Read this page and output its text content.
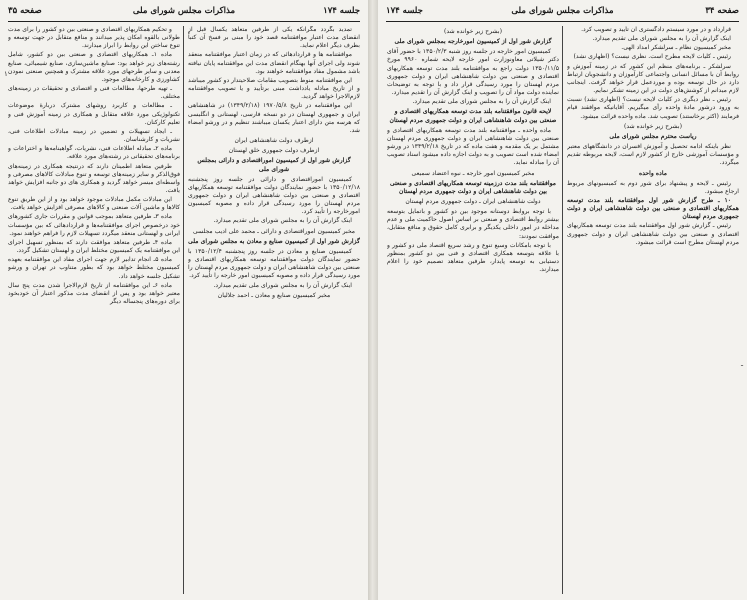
جلسه ۱۷۴
مذاکرات مجلس شورای ملی
صفحه ۳۵

تمدید بگردد مگرآنکه یکی از طرفین متعاهد یکسال قبل از انقضای مدت اعتبار موافقتنامه قصد خود را مبنی بر فسخ آن کتباً بطرف دیگر اعلام نماید.

موافقتنامه ها و قراردادهائی که در زمان اعتبار موافقتنامه منعقد شوند ولی اجرای آنها بهنگام انقضای مدت این موافقتنامه پایان نیافته باشد مشمول مفاد موافقتنامه خواهند بود.

این موافقتنامه منوط بتصویب مقامات صلاحیتدار دو کشور میباشد و از تاریخ مبادله یادداشت مبنی برتأیید و یا تصویب موافقتنامه لازم‌الاجرا خواهد گردید.

این موافقتنامه در تاریخ ۱۹۷۰/۵/۸ (۱۳۴۹/۲/۱۸) در شاهنشاهی ایران و جمهوری لهستان در دو نسخه فارسی، لهستانی و انگلیسی که هرسه متن دارای اعتبار یکسان میباشند تنظیم و در ورشو امضاء شد.

ازطرف دولت شاهنشاهی ایران

ازطرف دولت جمهوری خلق لهستان

گزارش شور اول از کمیسیون اموراقتصادی و دارائی بمجلس شورای ملی

کمیسیون اموراقتصادی و دارائی در جلسه روز پنجشنبه ۱۳۵۰/۱۲/۱۸ با حضور نمایندگان دولت موافقتنامه توسعه همکاریهای اقتصادی و صنعتی بین دولت شاهنشاهی ایران و دولت جمهوری مردم لهستان را مورد رسیدگی قرار داده و مصوبه کمیسیون امورخارجه را تأیید کرد.

اینک گزارش آن را به مجلس شورای ملی تقدیم میدارد.

مخبر کمیسیون اموراقتصادی و دارائی ـ محمد علی ادیب مجلسی

گزارش شور اول از کمیسیون صنایع و معادن به مجلس شورای ملی

کمیسیون صنایع و معادن در جلسه روز پنجشنبه ۱۳۵۰/۱۲/۴ با حضور نمایندگان دولت موافقتنامه توسعه همکاریهای اقتصادی و صنعتی بین دولت شاهنشاهی ایران و دولت جمهوری مردم لهستان را مورد رسیدگی قرار داده و مصوبه کمیسیون امور خارجه را تأیید کرد.

اینک گزارش آن را به مجلس شورای ملی تقدیم میدارد.

مخبر کمیسیون صنایع و معادن ـ احمد جلالیان

و تحکیم همکاریهای اقتصادی و صنعتی بین دو کشور را برای مدت طولانی بالقوه امکان پذیر میدانند و منافع متقابل در جهت توسعه و تنوع ساختن این روابط را ابراز میدارند.

ماده ۱ـ همکاریهای اقتصادی و صنعتی بین دو کشور، شامل رشته‌های زیر خواهد بود: صنایع ماشین‌سازی، صنایع شیمیائی، صنایع معدنی و سایر طرحهای مورد علاقه مشترک و همچنین صنعتی نمودن کشاورزی و کارخانه‌های موجود.

ـ تهیه طرحها، مطالعات فنی و اقتصادی و تحقیقات در زمینه‌های مختلف.

ـ مطالعات و کاربرد روشهای مشترک دربارهٔ موضوعات تکنولوژیکی مورد علاقه متقابل و همکاری در زمینه آموزش فنی و تعلیم کارکنان.

ـ ایجاد تسهیلات و تضمین در زمینه مبادلات اطلاعات فنی، نشریات و کارشناسان.

ماده ۲ـ مبادله اطلاعات فنی، نشریات، گواهینامه‌ها و اختراعات و برنامه‌های تحقیقاتی در رشته‌های مورد علاقه.

طرفین متعاهد اطمینان دارند که درنتیجه همکاری در زمینه‌های فوق‌الذکر و سایر زمینه‌های توسعه و تنوع مبادلات کالاهای مصرفی و واسطه‌ای میسر خواهد گردید و همکاری های دو جانبه افزایش خواهد یافت.

این مبادلات مکمل مبادلات موجود خواهد بود و از این طریق تنوع کالاها و ماشین آلات صنعتی و کالاهای مصرفی افزایش خواهد یافت.

ماده ۳ـ طرفین متعاهد بموجب قوانین و مقررات جاری کشورهای خود درخصوص اجرای موافقتنامه‌ها و قراردادهائی که بین مؤسسات ایرانی و لهستانی منعقد میگردد تسهیلات لازم را فراهم خواهند نمود.

ماده ۴ـ طرفین متعاهد موافقت دارند که بمنظور تسهیل اجرای این موافقتنامه یک کمیسیون مختلط ایران و لهستان تشکیل گردد.

ماده ۵ـ انجام تدابیر لازم جهت اجرای مفاد این موافقتنامه بعهده کمیسیون مختلط خواهد بود که بطور متناوب در تهران و ورشو تشکیل جلسه خواهد داد.

ماده ۶ـ این موافقتنامه از تاریخ لازم‌الاجرا شدن مدت پنج سال معتبر خواهد بود و پس از انقضای مدت مذکور اعتبار آن خودبخود برای دوره‌های پنجساله دیگر

۱
صفحه ۳۴
مذاکرات مجلس شورای ملی
جلسه ۱۷۴

قرارداد و در مورد سیستم دادگستری آن تأیید و تصویب کرد.

اینک گزارش آن را به مجلس شورای ملی تقدیم میدارد.

مخبر کمیسیون نظام ـ سرلشکر امداد الهی.

رئیس ـ کلیات لایحه مطرح است. نظری نیست؟ (اظهاری نشد)

سرلشکر ـ برنامه‌های منظم این کشور که در زمینه آموزش و روابط آن با مسائل انسانی واجتماعی کارآموزان و دانشجویان ارتباط دارد در حال توسعه بوده و موردعمل قرار خواهد گرفت. اینجانب لازم میدانم از کوشش‌های دولت در این زمینه تشکر نمایم.

رئیس ـ نظر دیگری در کلیات لایحه نیست؟ (اظهاری نشد) نسبت به ورود درشور مادهٔ واحده رأی میگیریم. آقایانیکه موافقند قیام فرمایند (اکثر برخاستند) تصویب شد. ماده واحده قرائت میشود.

(بشرح زیر خوانده شد)

ریاست محترم مجلس شورای ملی

نظر باینکه ادامه تحصیل و آموزش افسران در دانشگاههای معتبر و مؤسسات آموزشی خارج از کشور لازم است، لایحه مربوطه تقدیم میگردد.

ماده واحده

رئیس ـ لایحه و پیشنهاد برای شور دوم به کمیسیونهای مربوط ارجاع میشود.

۱۰ ـ طرح گزارش شور اول موافقتنامه بلند مدت توسعه همکاریهای اقتصادی و صنعتی بین دولت شاهنشاهی ایران و دولت جمهوری مردم لهستان

رئیس ـ گزارش شور اول موافقتنامه بلند مدت توسعه همکاریهای اقتصادی و صنعتی بین دولت شاهنشاهی ایران و دولت جمهوری مردم لهستان مطرح است قرائت میشود.

(بشرح زیر خوانده شد)

گزارش شور اول از کمیسیون امورخارجه بمجلس شورای ملی

کمیسیون امور خارجه در جلسه روز شنبه ۱۳۵۰/۲/۳ با حضور آقای دکتر شیلاتی معاونوزارت امور خارجه لایحه شماره ۹۹۶۰ مورخ ۱۳۵۰/۱۱/۵ دولت راجع به موافقتنامه بلند مدت توسعه همکاریهای اقتصادی و صنعتی بین دولت شاهنشاهی ایران و دولت جمهوری مردم لهستان را مورد رسیدگی قرار داد و با توجه به توضیحات نماینده دولت مواد آن را تصویب و اینک گزارش آن را تقدیم میدارد.

اینک گزارش آن را به مجلس شورای ملی تقدیم میدارد.

لایحه قانون موافقتنامه بلند مدت توسعه همکاریهای اقتصادی و صنعتی بین دولت شاهنشاهی ایران و دولت جمهوری مردم لهستان

ماده واحده ـ موافقتنامه بلند مدت توسعه همکاریهای اقتصادی و صنعتی بین دولت شاهنشاهی ایران و دولت جمهوری مردم لهستان مشتمل بر یک مقدمه و هفت ماده که در تاریخ ۱۳۴۹/۲/۱۸ در ورشو امضاء شده است تصویب و به دولت اجازه داده میشود اسناد تصویب آن را مبادله نماید.

مخبر کمیسیون امور خارجه ـ نبوه اعتضاد سمیعی

موافقتنامه بلند مدت درزمینه توسعه همکاریهای اقتصادی و صنعتی بین دولت شاهنشاهی ایران و دولت جمهوری مردم لهستان

دولت شاهنشاهی ایران ـ دولت جمهوری مردم لهستان

با توجه بروابط دوستانه موجود بین دو کشور و باتمایل بتوسعه بیشتر روابط اقتصادی و صنعتی بر اساس اصول حاکمیت ملی و عدم مداخله در امور داخلی یکدیگر و برابری کامل حقوق و منافع متقابل، موافقت نمودند:

با توجه بامکانات وسیع تنوع و رشد سریع اقتصاد ملی دو کشور و با علاقه بتوسعه همکاری اقتصادی و فنی بین دو کشور بمنظور دستیابی به توسعه پایدار، طرفین متعاهد تصمیم خود را اعلام میدارند.

ـ
